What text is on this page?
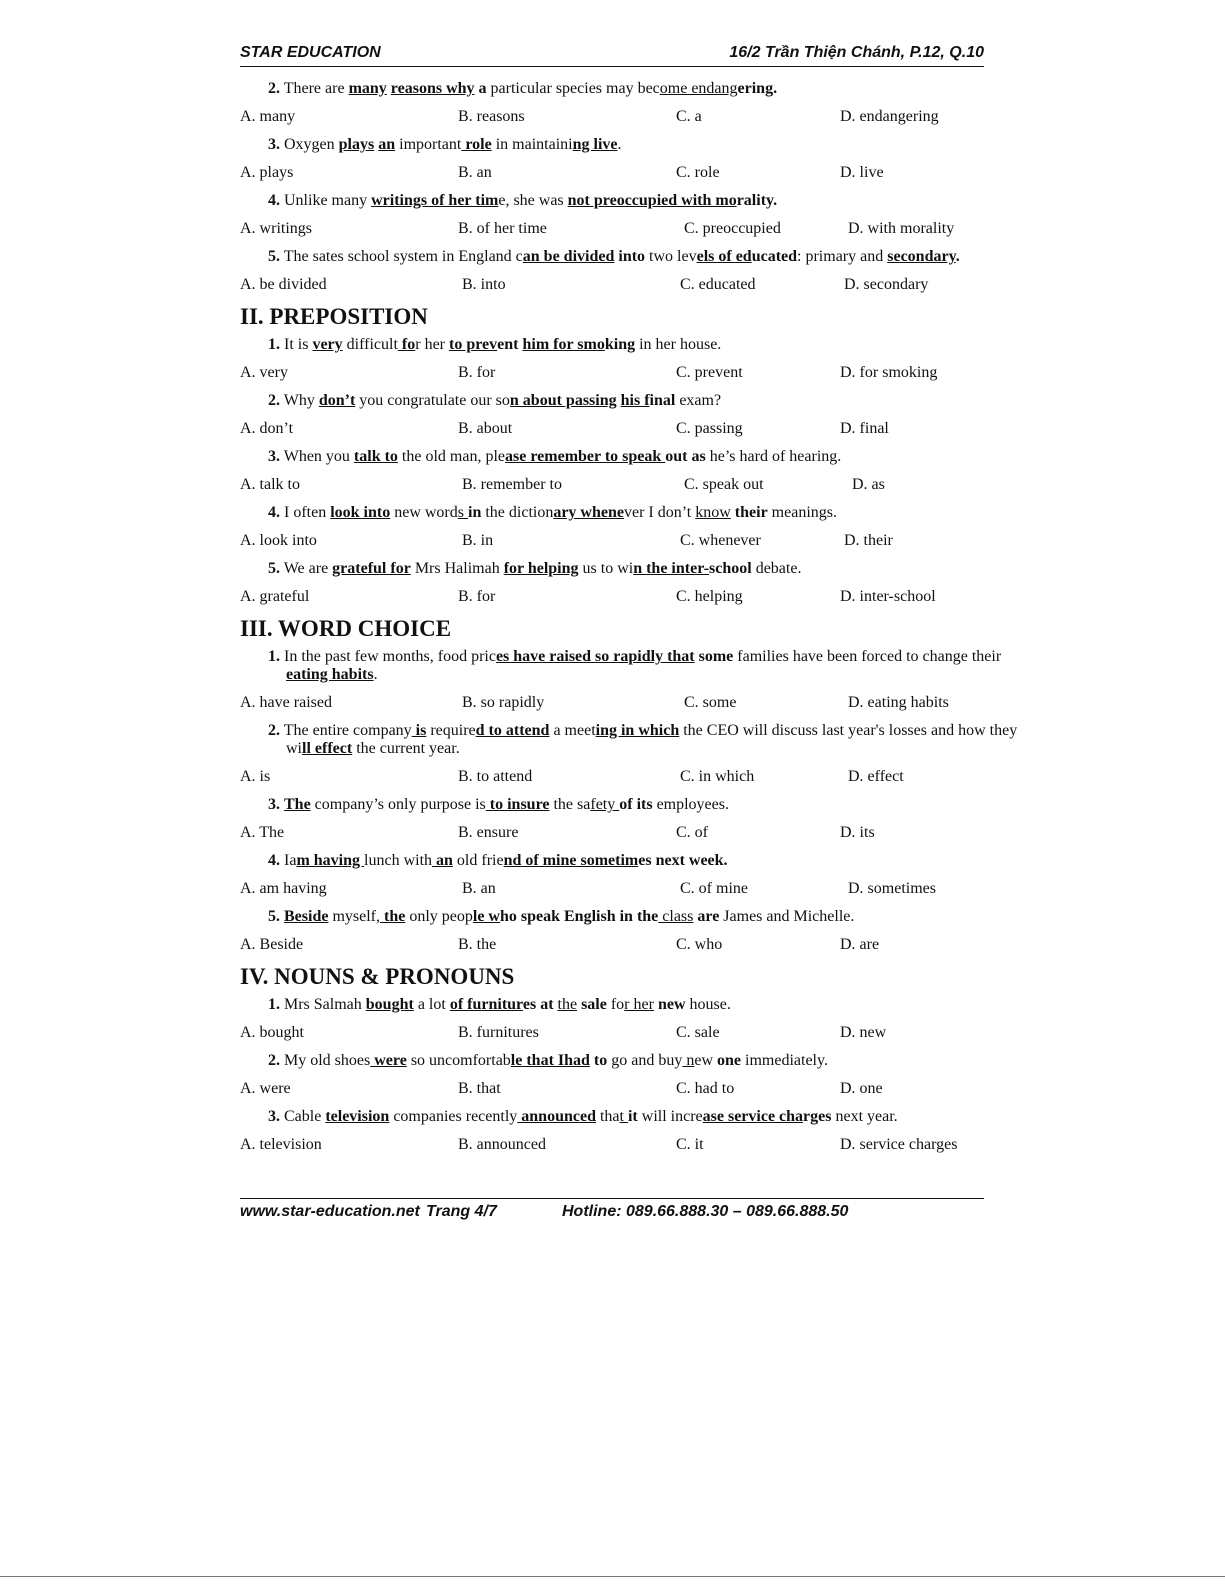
STAR EDUCATION	16/2 Trần Thiện Chánh, P.12, Q.10
2. There are many reasons why a particular species may become endangering.
A. many	B. reasons	C. a	D. endangering
3. Oxygen plays an important role in maintaining live.
A. plays	B. an	C. role	D. live
4. Unlike many writings of her time, she was not preoccupied with morality.
A. writings	B. of her time	C. preoccupied	D. with morality
5. The sates school system in England can be divided into two levels of educated: primary and secondary.
A. be divided	B. into	C. educated	D. secondary
II. PREPOSITION
1. It is very difficult for her to prevent him for smoking in her house.
A. very	B. for	C. prevent	D. for smoking
2. Why don’t you congratulate our son about passing his final exam?
A. don’t	B. about	C. passing	D. final
3. When you talk to the old man, please remember to speak out as he’s hard of hearing.
A. talk to	B. remember to	C. speak out	D. as
4. I often look into new words in the dictionary whenever I don’t know their meanings.
A. look into	B. in	C. whenever	D. their
5. We are grateful for Mrs Halimah for helping us to win the inter-school debate.
A. grateful	B. for	C. helping	D. inter-school
III. WORD CHOICE
1. In the past few months, food prices have raised so rapidly that some families have been forced to change their eating habits.
A. have raised	B. so rapidly	C. some	D. eating habits
2. The entire company is required to attend a meeting in which the CEO will discuss last year's losses and how they will effect the current year.
A. is	B. to attend	C. in which	D. effect
3. The company’s only purpose is to insure the safety of its employees.
A. The	B. ensure	C. of	D. its
4. Iam having lunch with an old friend of mine sometimes next week.
A. am having	B. an	C. of mine	D. sometimes
5. Beside myself, the only people who speak English in the class are James and Michelle.
A. Beside	B. the	C. who	D. are
IV. NOUNS & PRONOUNS
1. Mrs Salmah bought a lot of furnitures at the sale for her new house.
A. bought	B. furnitures	C. sale	D. new
2. My old shoes were so uncomfortable that Ihad to go and buy new one immediately.
A. were	B. that	C. had to	D. one
3. Cable television companies recently announced that it will increase service charges next year.
A. television	B. announced	C. it	D. service charges
www.star-education.net Trang 4/7	Hotline: 089.66.888.30 – 089.66.888.50
